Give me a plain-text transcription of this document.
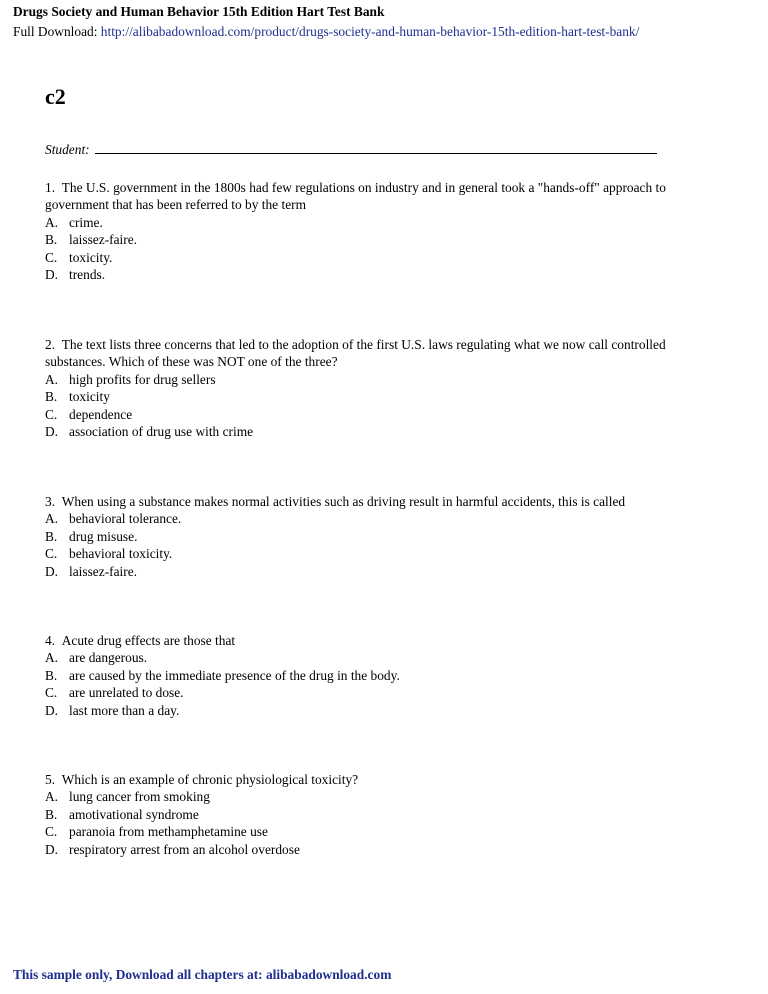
Drugs Society and Human Behavior 15th Edition Hart Test Bank
Full Download: http://alibabadownload.com/product/drugs-society-and-human-behavior-15th-edition-hart-test-bank/
c2
Student:

1. The U.S. government in the 1800s had few regulations on industry and in general took a "hands-off" approach to government that has been referred to by the term

A. crime.

B. laissez-faire.

C. toxicity.

D. trends.

2. The text lists three concerns that led to the adoption of the first U.S. laws regulating what we now call controlled substances. Which of these was NOT one of the three?

A. high profits for drug sellers

B. toxicity

C. dependence

D. association of drug use with crime

3. When using a substance makes normal activities such as driving result in harmful accidents, this is called

A. behavioral tolerance.

B. drug misuse.

C. behavioral toxicity.

D. laissez-faire.

4. Acute drug effects are those that

A. are dangerous.

B. are caused by the immediate presence of the drug in the body.

C. are unrelated to dose.

D. last more than a day.

5. Which is an example of chronic physiological toxicity?

A. lung cancer from smoking

B. amotivational syndrome

C. paranoia from methamphetamine use

D. respiratory arrest from an alcohol overdose

This sample only, Download all chapters at: alibabadownload.com
